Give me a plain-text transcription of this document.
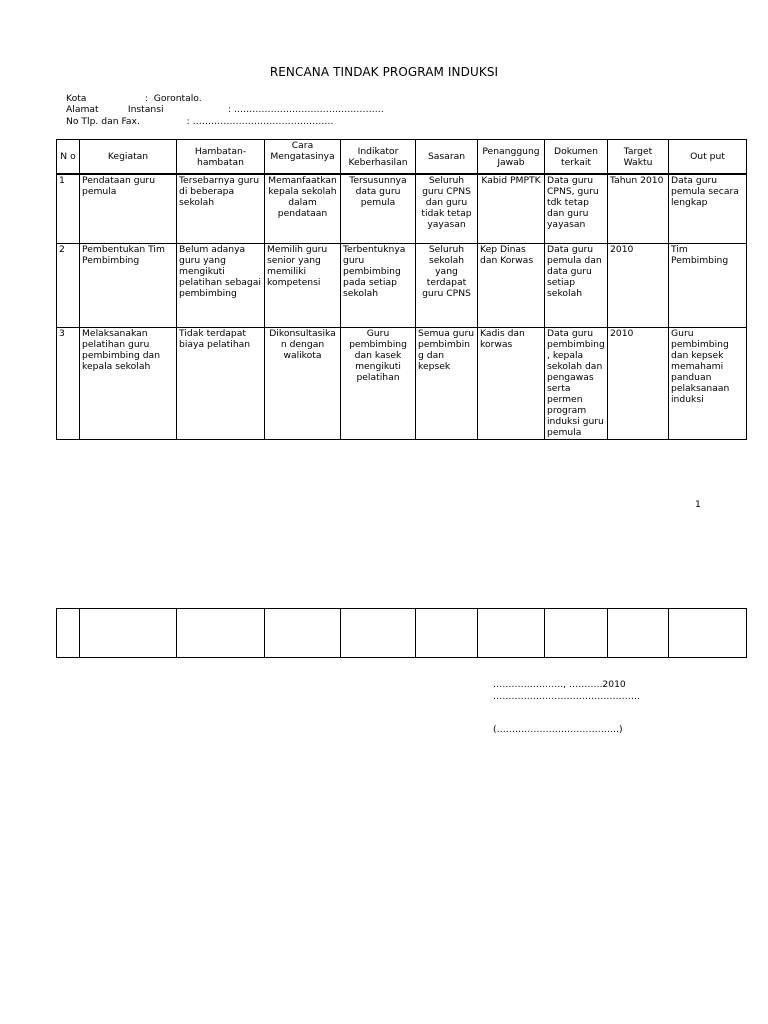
RENCANA TINDAK PROGRAM INDUKSI
Kota                    :  Gorontalo.
Alamat          Instansi                      : ………………………………………….
No Tlp. dan Fax.                : ……………………………………….
N o	Kegiatan	Hambatan-hambatan	Cara Mengatasinya	Indikator Keberhasilan	Sasaran	Penanggung Jawab	Dokumen terkait	Target Waktu	Out put
1	Pendataan guru pemula	Tersebarnya guru di beberapa sekolah	Memanfaatkan kepala sekolah dalam pendataan	Tersusunnya data guru pemula	Seluruh guru CPNS dan guru tidak tetap yayasan	Kabid PMPTK	Data guru CPNS, guru tdk tetap dan guru yayasan	Tahun 2010	Data guru pemula secara lengkap
2	Pembentukan Tim Pembimbing	Belum adanya guru yang mengikuti pelatihan sebagai pembimbing	Memilih guru senior yang memiliki kompetensi	Terbentuknya guru pembimbing pada setiap sekolah	Seluruh sekolah yang terdapat guru CPNS	Kep Dinas dan Korwas	Data guru pemula dan data guru setiap sekolah	2010	Tim Pembimbing
3	Melaksanakan pelatihan guru pembimbing dan kepala sekolah	Tidak terdapat biaya pelatihan	Dikonsultasikan dengan walikota	Guru pembimbing dan kasek mengikuti pelatihan	Semua guru pembimbing dan kepsek	Kadis dan korwas	Data guru pembimbing, kepala sekolah dan pengawas serta permen program induksi guru pemula	2010	Guru pembimbing dan kepsek memahami panduan pelaksanaan induksi
1

………………….., ………..2010
…………………………………………
(………………………………….)
